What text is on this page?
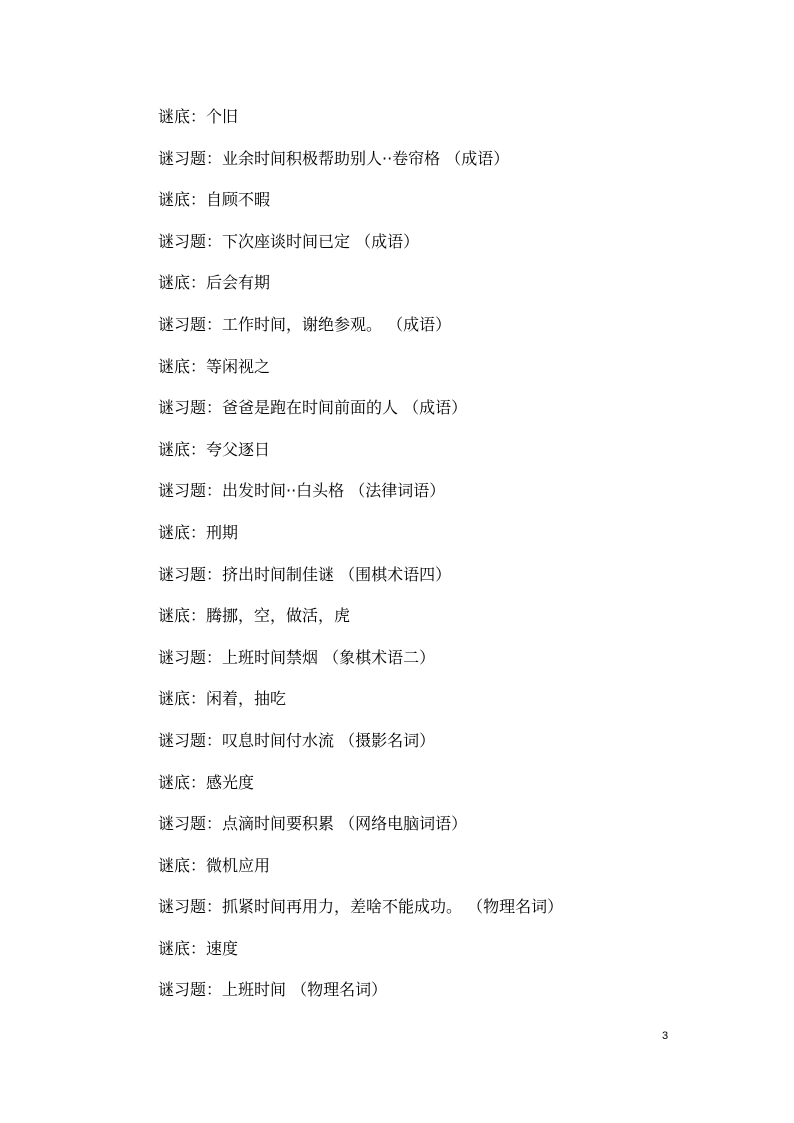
谜底：个旧
谜习题：业余时间积极帮助别人··卷帘格 （成语）
谜底：自顾不暇
谜习题：下次座谈时间已定 （成语）
谜底：后会有期
谜习题：工作时间，谢绝参观。 （成语）
谜底：等闲视之
谜习题：爸爸是跑在时间前面的人 （成语）
谜底：夸父逐日
谜习题：出发时间··白头格 （法律词语）
谜底：刑期
谜习题：挤出时间制佳谜 （围棋术语四）
谜底：腾挪，空，做活，虎
谜习题：上班时间禁烟 （象棋术语二）
谜底：闲着，抽吃
谜习题：叹息时间付水流 （摄影名词）
谜底：感光度
谜习题：点滴时间要积累 （网络电脑词语）
谜底：微机应用
谜习题：抓紧时间再用力，差啥不能成功。 （物理名词）
谜底：速度
谜习题：上班时间 （物理名词）
3
